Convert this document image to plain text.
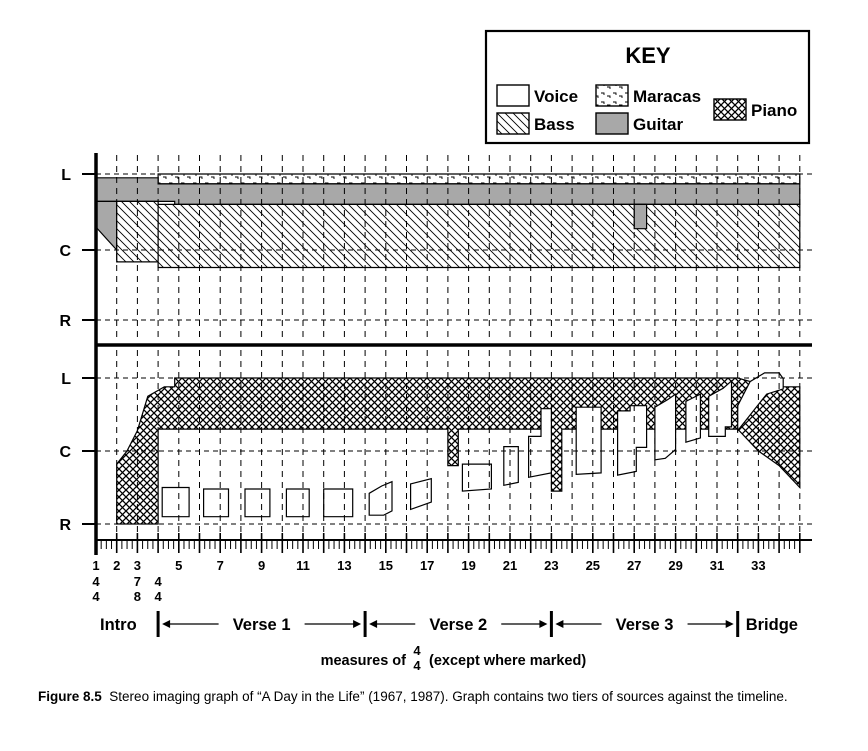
KEY
Voice	Maracas
Piano
Bass	Guitar
L
C
R
L
C
R
1 2 3	5	7	9 11 13 15 17 19 21 23 25 27 29 31 33
4
4
7
8
4
4
Intro	Verse 1	Verse 2	Verse 3	Bridge
measures of
4
4 (except where marked)
Figure 8.5 Stereo imaging graph of “A Day in the Life” (1967, 1987). Graph contains two tiers of sources against the timeline.
